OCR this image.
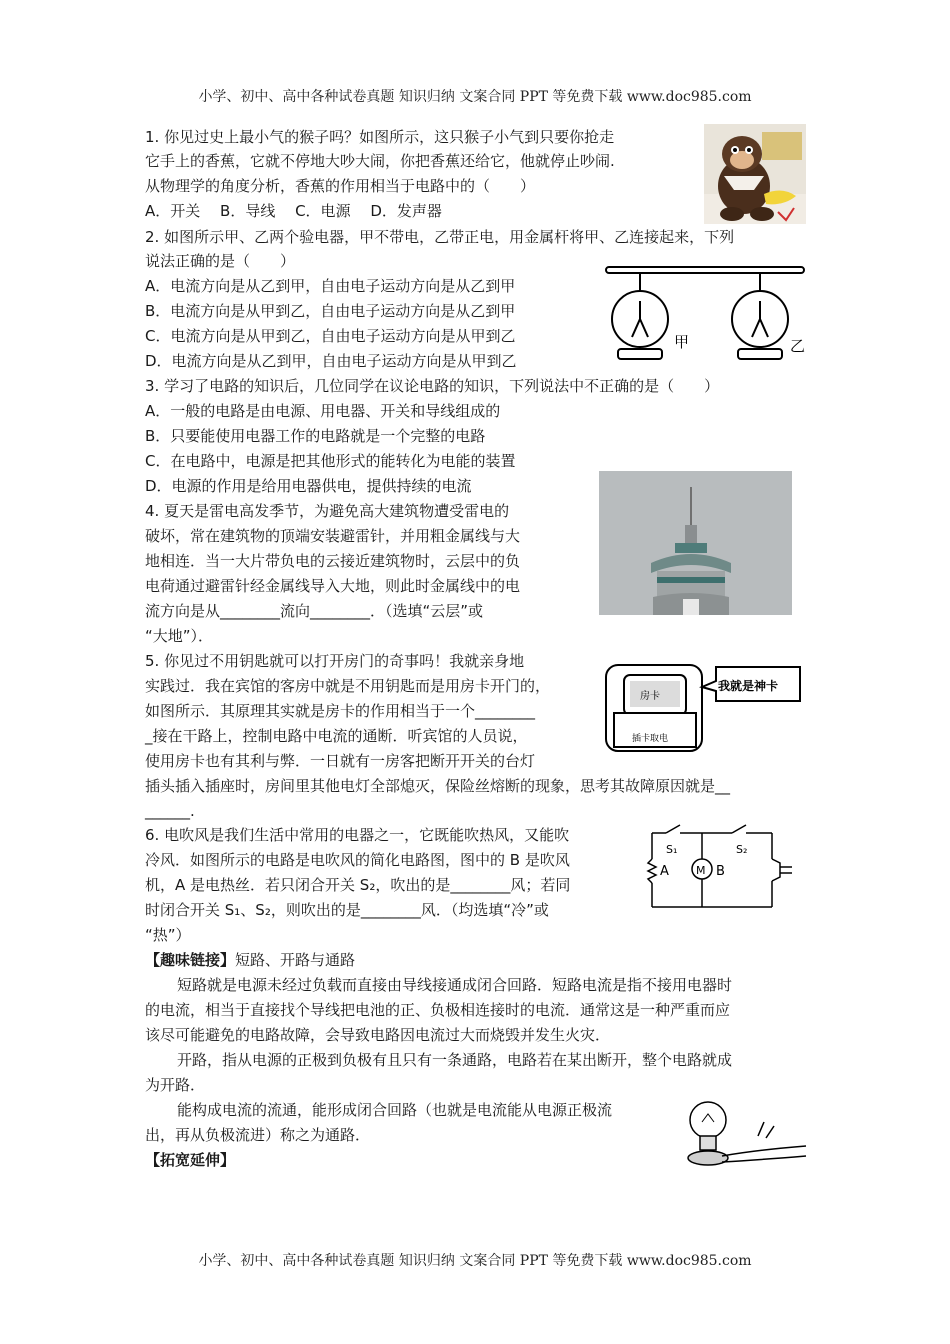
小学、初中、高中各种试卷真题 知识归纳 文案合同 PPT 等免费下载 www.doc985.com
1. 你见过史上最小气的猴子吗？如图所示，这只猴子小气到只要你抢走
它手上的香蕉，它就不停地大吵大闹，你把香蕉还给它，他就停止吵闹.
从物理学的角度分析，香蕉的作用相当于电路中的（　　）
A．开关　 B．导线　 C．电源　 D．发声器
2. 如图所示甲、乙两个验电器，甲不带电，乙带正电，用金属杆将甲、乙连接起来，下列
说法正确的是（　　）
A．电流方向是从乙到甲，自由电子运动方向是从乙到甲
B．电流方向是从甲到乙，自由电子运动方向是从乙到甲
C．电流方向是从甲到乙，自由电子运动方向是从甲到乙
D．电流方向是从乙到甲，自由电子运动方向是从甲到乙
甲	乙
3. 学习了电路的知识后，几位同学在议论电路的知识，下列说法中不正确的是（　　）
A．一般的电路是由电源、用电器、开关和导线组成的
B．只要能使用电器工作的电路就是一个完整的电路
C．在电路中，电源是把其他形式的能转化为电能的装置
D．电源的作用是给用电器供电，提供持续的电流
4. 夏天是雷电高发季节，为避免高大建筑物遭受雷电的
破坏，常在建筑物的顶端安装避雷针，并用粗金属线与大
地相连．当一大片带负电的云接近建筑物时，云层中的负
电荷通过避雷针经金属线导入大地，则此时金属线中的电
流方向是从________流向________．（选填“云层”或
“大地”）．
房卡
插卡取电
我就是神卡
5. 你见过不用钥匙就可以打开房门的奇事吗！我就亲身地
实践过．我在宾馆的客房中就是不用钥匙而是用房卡开门的，
如图所示．其原理其实就是房卡的作用相当于一个________
_接在干路上，控制电路中电流的通断．听宾馆的人员说，
使用房卡也有其利与弊．一日就有一房客把断开开关的台灯
插头插入插座时，房间里其他电灯全部熄灭，保险丝熔断的现象，思考其故障原因就是__
______.
S₁	S₂
A M B
6. 电吹风是我们生活中常用的电器之一，它既能吹热风，又能吹
冷风．如图所示的电路是电吹风的简化电路图，图中的 B 是吹风
机，A 是电热丝．若只闭合开关 S₂，吹出的是________风；若同
时闭合开关 S₁、S₂，则吹出的是________风．（均选填“冷”或
“热”）
【趣味链接】短路、开路与通路
短路就是电源未经过负载而直接由导线接通成闭合回路．短路电流是指不接用电器时
的电流，相当于直接找个导线把电池的正、负极相连接时的电流．通常这是一种严重而应
该尽可能避免的电路故障，会导致电路因电流过大而烧毁并发生火灾．
开路，指从电源的正极到负极有且只有一条通路，电路若在某出断开，整个电路就成
为开路．
能构成电流的流通，能形成闭合回路（也就是电流能从电源正极流
出，再从负极流进）称之为通路．
【拓宽延伸】
小学、初中、高中各种试卷真题 知识归纳 文案合同 PPT 等免费下载 www.doc985.com
